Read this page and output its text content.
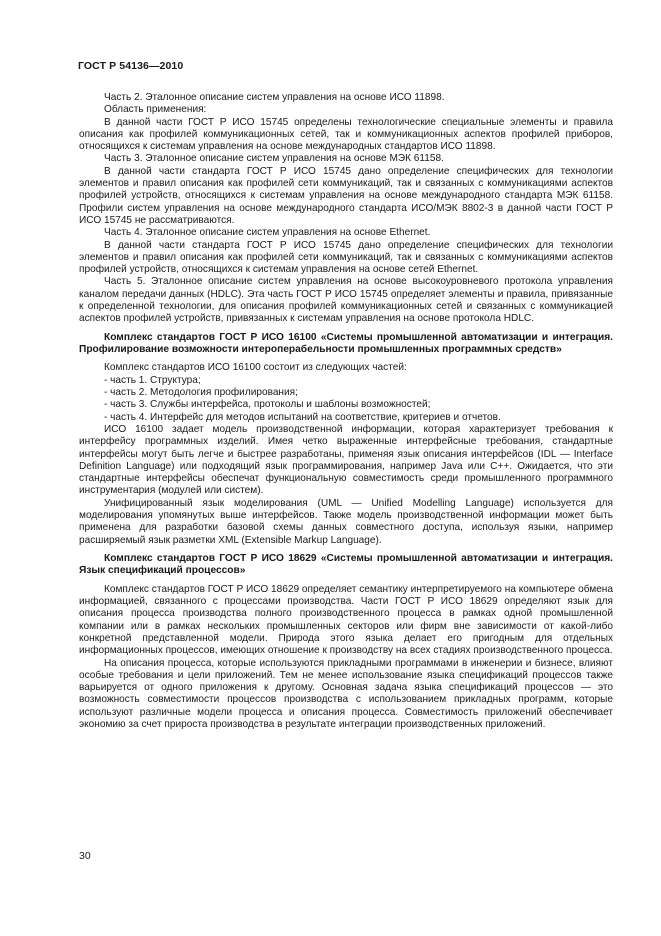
ГОСТ Р 54136—2010

Часть 2. Эталонное описание систем управления на основе ИСО 11898.

Область применения:

В данной части ГОСТ Р ИСО 15745 определены технологические специальные элементы и правила описания как профилей коммуникационных сетей, так и коммуникационных аспектов профилей приборов, относящихся к системам управления на основе международных стандартов ИСО 11898.

Часть 3. Эталонное описание систем управления на основе МЭК 61158.

В данной части стандарта ГОСТ Р ИСО 15745 дано определение специфических для технологии элементов и правил описания как профилей сети коммуникаций, так и связанных с коммуникациями аспектов профилей устройств, относящихся к системам управления на основе международного стандарта МЭК 61158. Профили систем управления на основе международного стандарта ИСО/МЭК 8802-3 в данной части ГОСТ Р ИСО 15745 не рассматриваются.

Часть 4. Эталонное описание систем управления на основе Ethernet.

В данной части стандарта ГОСТ Р ИСО 15745 дано определение специфических для технологии элементов и правил описания как профилей сети коммуникаций, так и связанных с коммуникациями аспектов профилей устройств, относящихся к системам управления на основе сетей Ethernet.

Часть 5. Эталонное описание систем управления на основе высокоуровневого протокола управления каналом передачи данных (HDLC). Эта часть ГОСТ Р ИСО 15745 определяет элементы и правила, привязанные к определенной технологии, для описания профилей коммуникационных сетей и связанных с коммуникацией аспектов профилей устройств, привязанных к системам управления на основе протокола HDLC.

Комплекс стандартов ГОСТ Р ИСО 16100 «Системы промышленной автоматизации и интеграция. Профилирование возможности интероперабельности промышленных программных средств»

Комплекс стандартов ИСО 16100 состоит из следующих частей:

- часть 1. Структура;
- часть 2. Методология профилирования;
- часть 3. Службы интерфейса, протоколы и шаблоны возможностей;
- часть 4. Интерфейс для методов испытаний на соответствие, критериев и отчетов.

ИСО 16100 задает модель производственной информации, которая характеризует требования к интерфейсу программных изделий. Имея четко выраженные интерфейсные требования, стандартные интерфейсы могут быть легче и быстрее разработаны, применяя язык описания интерфейсов (IDL — Interface Definition Language) или подходящий язык программирования, например Java или C++. Ожидается, что эти стандартные интерфейсы обеспечат функциональную совместимость среди промышленного программного инструментария (модулей или систем).

Унифицированный язык моделирования (UML — Unified Modelling Language) используется для моделирования упомянутых выше интерфейсов. Также модель производственной информации может быть применена для разработки базовой схемы данных совместного доступа, используя языки, например расширяемый язык разметки XML (Extensible Markup Language).

Комплекс стандартов ГОСТ Р ИСО 18629 «Системы промышленной автоматизации и интеграция. Язык спецификаций процессов»

Комплекс стандартов ГОСТ Р ИСО 18629 определяет семантику интерпретируемого на компьютере обмена информацией, связанного с процессами производства. Части ГОСТ Р ИСО 18629 определяют язык для описания процесса производства полного производственного процесса в рамках одной промышленной компании или в рамках нескольких промышленных секторов или фирм вне зависимости от какой-либо конкретной представленной модели. Природа этого языка делает его пригодным для отдельных информационных процессов, имеющих отношение к производству на всех стадиях производственного процесса.

На описания процесса, которые используются прикладными программами в инженерии и бизнесе, влияют особые требования и цели приложений. Тем не менее использование языка спецификаций процессов также варьируется от одного приложения к другому. Основная задача языка спецификаций процессов — это возможность совместимости процессов производства с использованием прикладных программ, которые используют различные модели процесса и описания процесса. Совместимость приложений обеспечивает экономию за счет прироста производства в результате интеграции производственных приложений.

30
